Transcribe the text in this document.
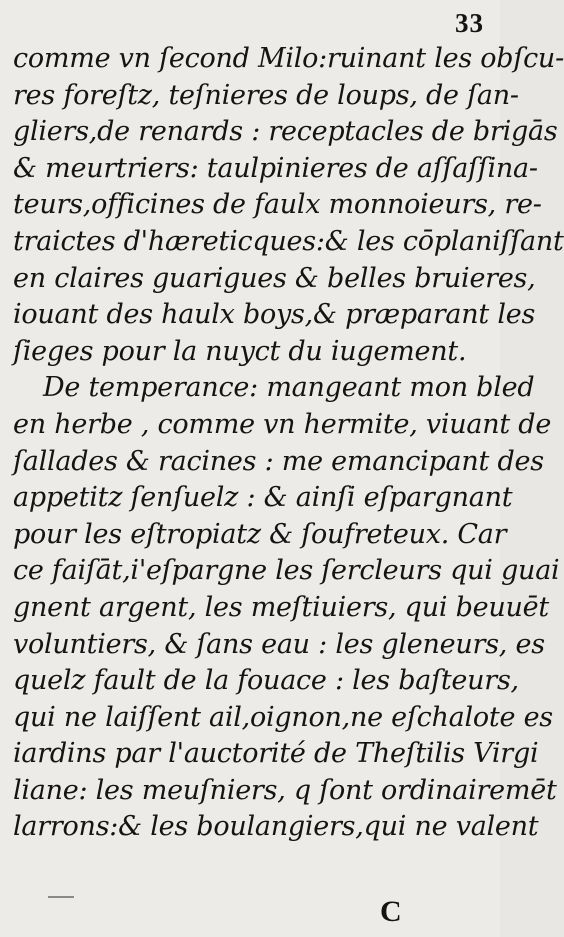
33
comme vn ſecond Milo:ruinant les obſcu-
res foreſtz, teſnieres de loups, de ſan-
gliers,de renards : receptacles de brigās
& meurtriers: taulpinieres de aſſaſſina-
teurs,officines de faulx monnoieurs, re-
traictes d'hæreticques:& les cōplaniſſant
en claires guarigues & belles bruieres,
iouant des haulx boys,& præparant les
ſieges pour la nuyct du iugement.
De temperance: mangeant mon bled
en herbe , comme vn hermite, viuant de
ſallades & racines : me emancipant des
appetitz ſenſuelz : & ainſi eſpargnant
pour les eſtropiatz & ſoufreteux. Car
ce faiſāt,i'eſpargne les ſercleurs qui guai
gnent argent, les meſtiuiers, qui beuuēt
voluntiers, & ſans eau : les gleneurs, es
quelz fault de la fouace : les baſteurs,
qui ne laiſſent ail,oignon,ne eſchalote es
iardins par l'auctorité de Theſtilis Virgi
liane: les meuſniers, q ſont ordinairemēt
larrons:& les boulangiers,qui ne valent
C
